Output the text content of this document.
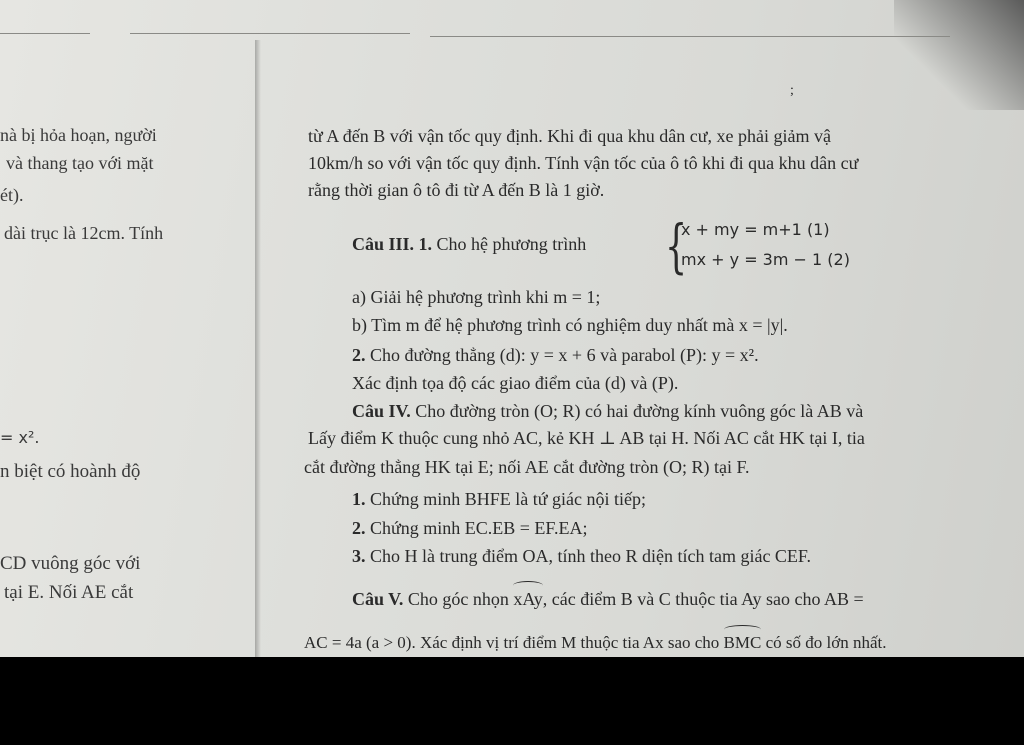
nà bị hỏa hoạn, người
và thang tạo với mặt
ét).
dài trục là 12cm. Tính
= x².
n biệt có hoành độ
CD vuông góc với
tại E. Nối AE cắt
;
từ A đến B với vận tốc quy định. Khi đi qua khu dân cư, xe phải giảm vậ
10km/h so với vận tốc quy định. Tính vận tốc của ô tô khi đi qua khu dân cư
rằng thời gian ô tô đi từ A đến B là 1 giờ.
Câu III. 1. Cho hệ phương trình {
x + my = m+1 (1)
mx + y = 3m − 1 (2)
a) Giải hệ phương trình khi m = 1;
b) Tìm m để hệ phương trình có nghiệm duy nhất mà x = |y|.
2. Cho đường thẳng (d): y = x + 6 và parabol (P): y = x².
Xác định tọa độ các giao điểm của (d) và (P).
Câu IV. Cho đường tròn (O; R) có hai đường kính vuông góc là AB và
Lấy điểm K thuộc cung nhỏ AC, kẻ KH ⊥ AB tại H. Nối AC cắt HK tại I, tia
cắt đường thẳng HK tại E; nối AE cắt đường tròn (O; R) tại F.
1. Chứng minh BHFE là tứ giác nội tiếp;
2. Chứng minh EC.EB = EF.EA;
3. Cho H là trung điểm OA, tính theo R diện tích tam giác CEF.
Câu V. Cho góc nhọn xAy, các điểm B và C thuộc tia Ay sao cho AB =
AC = 4a (a > 0). Xác định vị trí điểm M thuộc tia Ax sao cho BMC có số đo lớn nhất.
